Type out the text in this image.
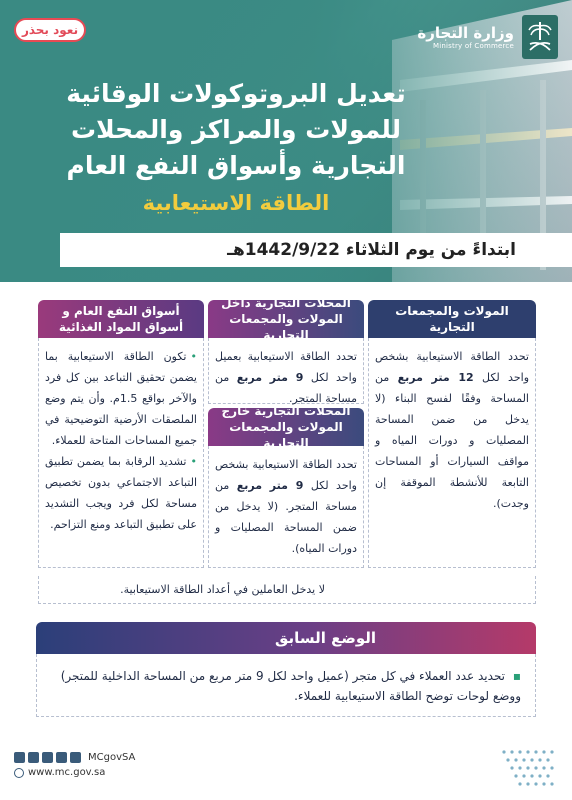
وزارة التجارة
Ministry of Commerce
نعود بحذر
تعديل البروتوكولات الوقائية
للمولات والمراكز والمحلات
التجارية وأسواق النفع العام
الطاقة الاستيعابية
ابتداءً من يوم الثلاثاء 1442/9/22هـ
المولات والمجمعات التجارية
تحدد الطاقة الاستيعابية بشخص واحد لكل 12 متر مربع من المساحة وفقًا لفسح البناء (لا يدخل من ضمن المساحة المصليات و دورات المياه و مواقف السيارات أو المساحات التابعة للأنشطة الموقفة إن وجدت).
المحلات التجارية داخل المولات والمجمعات التجارية
تحدد الطاقة الاستيعابية بعميل واحد لكل 9 متر مربع من مساحة المتجر.
المحلات التجارية خارج المولات والمجمعات التجارية
تحدد الطاقة الاستيعابية بشخص واحد لكل 9 متر مربع من مساحة المتجر. (لا يدخل من ضمن المساحة المصليات و دورات المياه).
أسواق النفع العام و أسواق المواد الغذائية
•تكون الطاقة الاستيعابية بما يضمن تحقيق التباعد بين كل فرد والآخر بواقع 1.5م. وأن يتم وضع الملصقات الأرضية التوضيحية في جميع المساحات المتاحة للعملاء.
•تشديد الرقابة بما يضمن تطبيق التباعد الاجتماعي بدون تخصيص مساحة لكل فرد ويجب التشديد على تطبيق التباعد ومنع التزاحم.
لا يدخل العاملين في أعداد الطاقة الاستيعابية.
الوضع السابق
▪ تحديد عدد العملاء في كل متجر (عميل واحد لكل 9 متر مربع من المساحة الداخلية للمتجر) ووضع لوحات توضح الطاقة الاستيعابية للعملاء.
MCgovSA
www.mc.gov.sa
